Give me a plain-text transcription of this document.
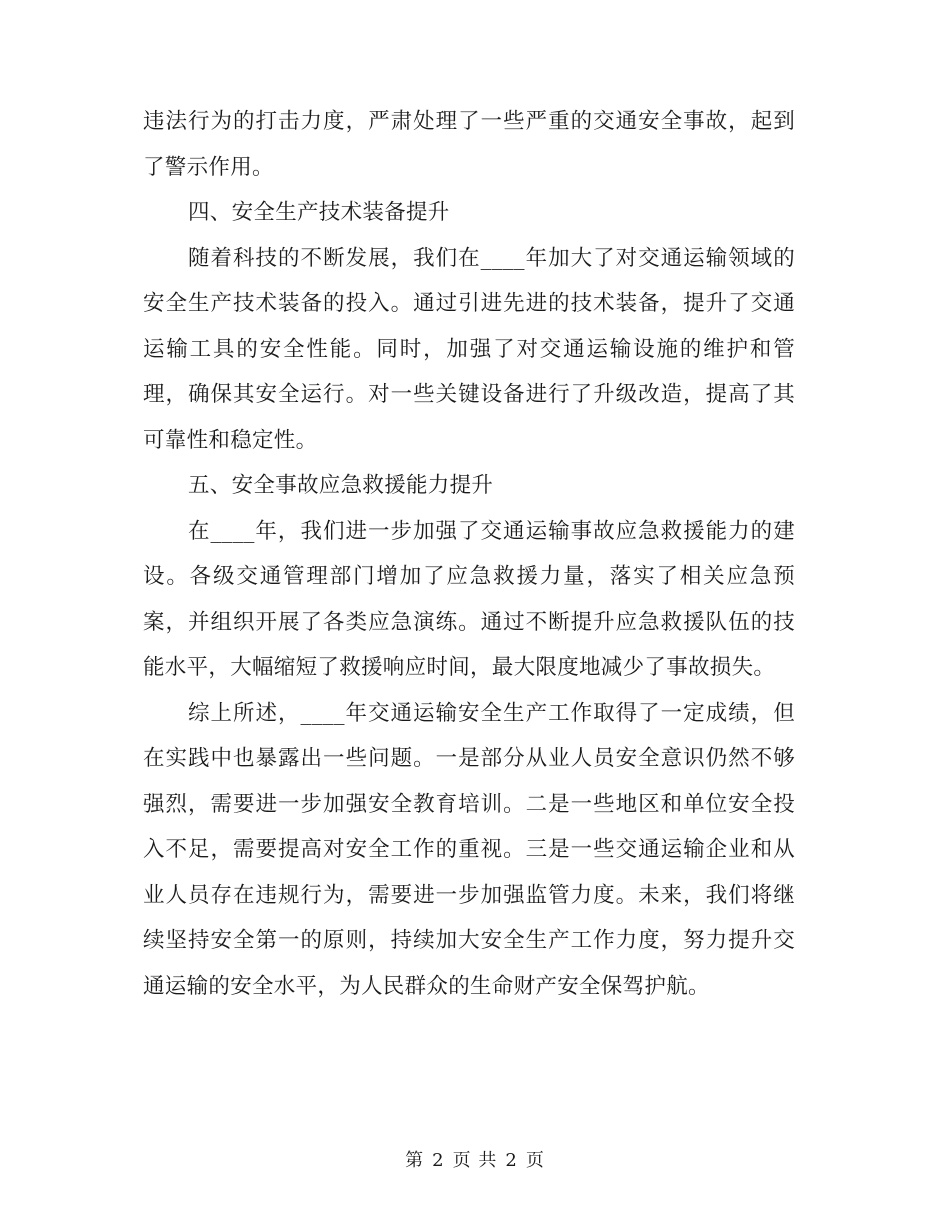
违法行为的打击力度，严肃处理了一些严重的交通安全事故，起到了警示作用。

四、安全生产技术装备提升

随着科技的不断发展，我们在____年加大了对交通运输领域的安全生产技术装备的投入。通过引进先进的技术装备，提升了交通运输工具的安全性能。同时，加强了对交通运输设施的维护和管理，确保其安全运行。对一些关键设备进行了升级改造，提高了其可靠性和稳定性。

五、安全事故应急救援能力提升

在____年，我们进一步加强了交通运输事故应急救援能力的建设。各级交通管理部门增加了应急救援力量，落实了相关应急预案，并组织开展了各类应急演练。通过不断提升应急救援队伍的技能水平，大幅缩短了救援响应时间，最大限度地减少了事故损失。

综上所述，____年交通运输安全生产工作取得了一定成绩，但在实践中也暴露出一些问题。一是部分从业人员安全意识仍然不够强烈，需要进一步加强安全教育培训。二是一些地区和单位安全投入不足，需要提高对安全工作的重视。三是一些交通运输企业和从业人员存在违规行为，需要进一步加强监管力度。未来，我们将继续坚持安全第一的原则，持续加大安全生产工作力度，努力提升交通运输的安全水平，为人民群众的生命财产安全保驾护航。

第 2 页 共 2 页
